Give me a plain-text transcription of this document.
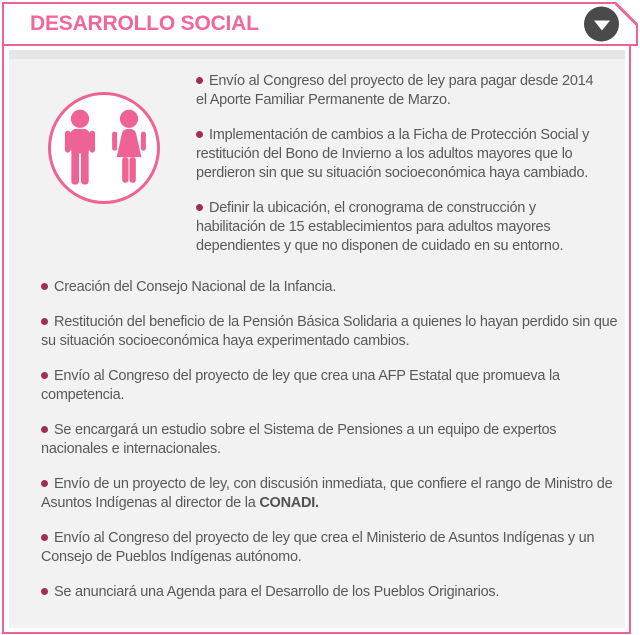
DESARROLLO SOCIAL

Envío al Congreso del proyecto de ley para pagar desde 2014 el Aporte Familiar Permanente de Marzo.

Implementación de cambios a la Ficha de Protección Social y restitución del Bono de Invierno a los adultos mayores que lo perdieron sin que su situación socioeconómica haya cambiado.

Definir la ubicación, el cronograma de construcción y habilitación de 15 establecimientos para adultos mayores dependientes y que no disponen de cuidado en su entorno.

Creación del Consejo Nacional de la Infancia.

Restitución del beneficio de la Pensión Básica Solidaria a quienes lo hayan perdido sin que su situación socioeconómica haya experimentado cambios.

Envío al Congreso del proyecto de ley que crea una AFP Estatal que promueva la competencia.

Se encargará un estudio sobre el Sistema de Pensiones a un equipo de expertos nacionales e internacionales.

Envío de un proyecto de ley, con discusión inmediata, que confiere el rango de Ministro de Asuntos Indígenas al director de la CONADI.

Envío al Congreso del proyecto de ley que crea el Ministerio de Asuntos Indígenas y un Consejo de Pueblos Indígenas autónomo.

Se anunciará una Agenda para el Desarrollo de los Pueblos Originarios.
